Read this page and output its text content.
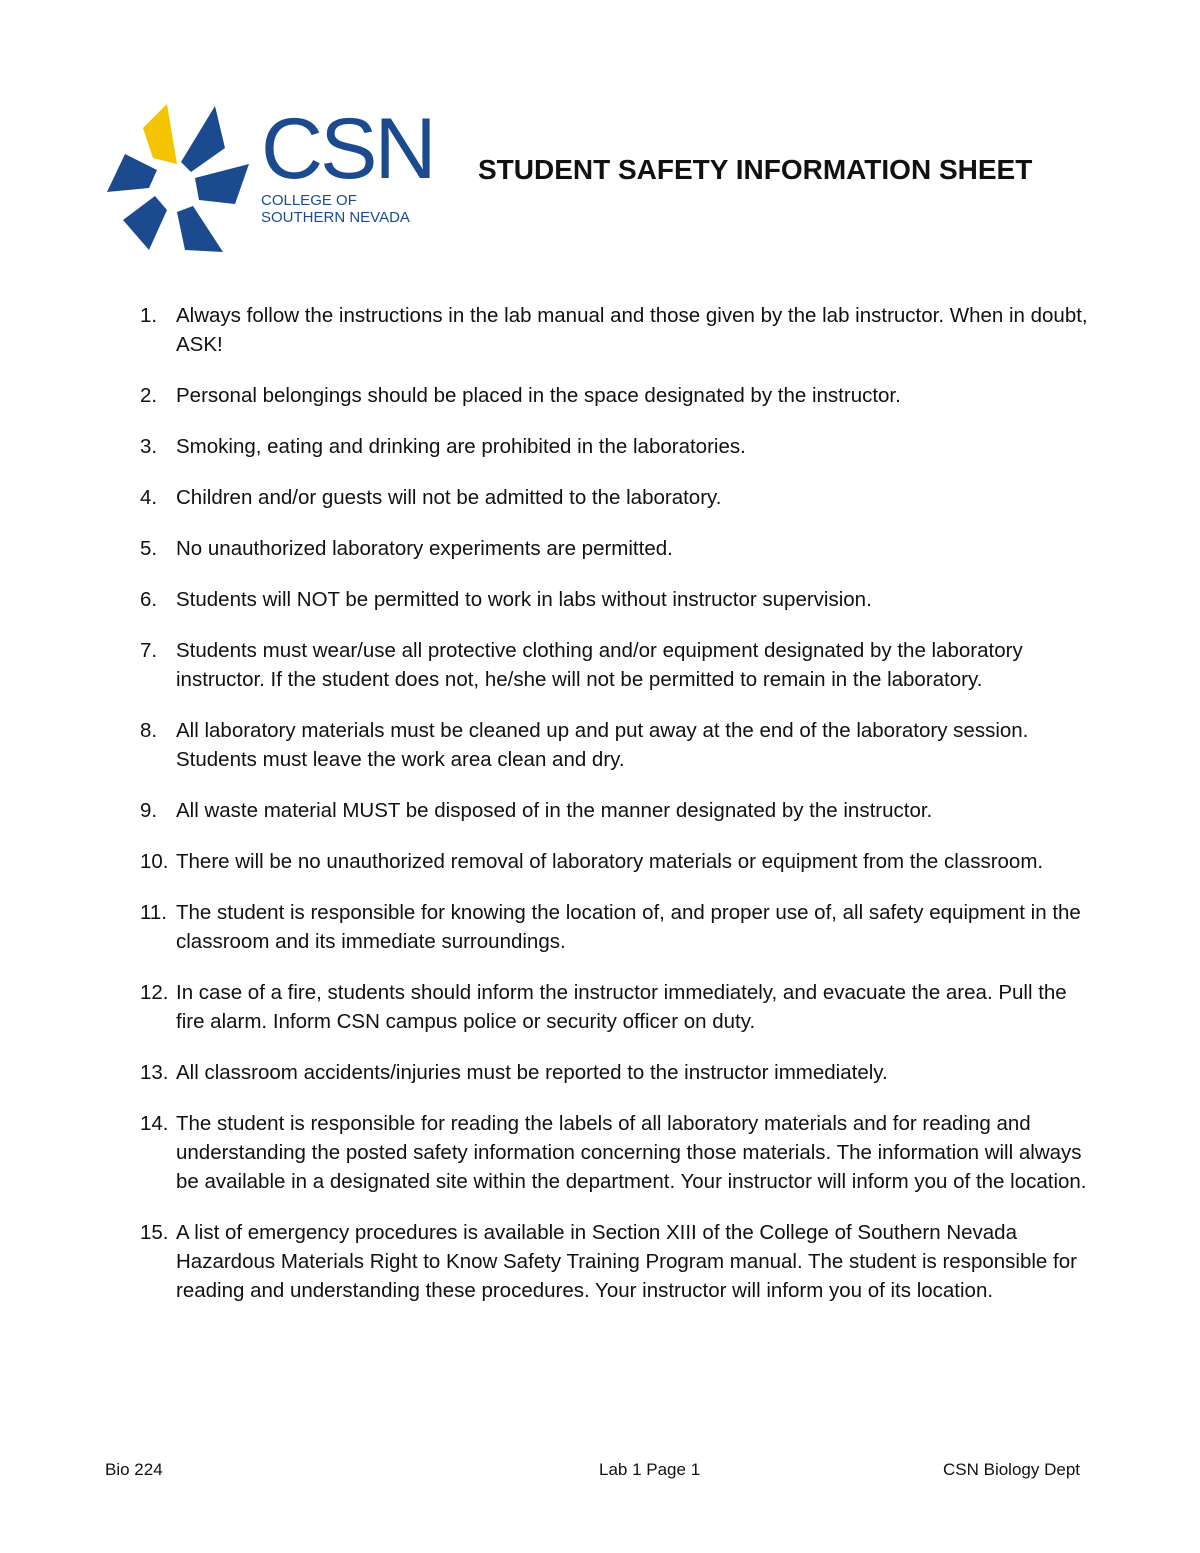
CSN
COLLEGE OF
SOUTHERN NEVADA
STUDENT SAFETY INFORMATION SHEET
1. Always follow the instructions in the lab manual and those given by the lab instructor. When in doubt, ASK!
2. Personal belongings should be placed in the space designated by the instructor.
3. Smoking, eating and drinking are prohibited in the laboratories.
4. Children and/or guests will not be admitted to the laboratory.
5. No unauthorized laboratory experiments are permitted.
6. Students will NOT be permitted to work in labs without instructor supervision.
7. Students must wear/use all protective clothing and/or equipment designated by the laboratory instructor. If the student does not, he/she will not be permitted to remain in the laboratory.
8. All laboratory materials must be cleaned up and put away at the end of the laboratory session. Students must leave the work area clean and dry.
9. All waste material MUST be disposed of in the manner designated by the instructor.
10. There will be no unauthorized removal of laboratory materials or equipment from the classroom.
11. The student is responsible for knowing the location of, and proper use of, all safety equipment in the classroom and its immediate surroundings.
12. In case of a fire, students should inform the instructor immediately, and evacuate the area. Pull the fire alarm. Inform CSN campus police or security officer on duty.
13. All classroom accidents/injuries must be reported to the instructor immediately.
14. The student is responsible for reading the labels of all laboratory materials and for reading and understanding the posted safety information concerning those materials. The information will always be available in a designated site within the department. Your instructor will inform you of the location.
15. A list of emergency procedures is available in Section XIII of the College of Southern Nevada Hazardous Materials Right to Know Safety Training Program manual. The student is responsible for reading and understanding these procedures. Your instructor will inform you of its location.
Bio 224	Lab 1 Page 1	CSN Biology Dept
